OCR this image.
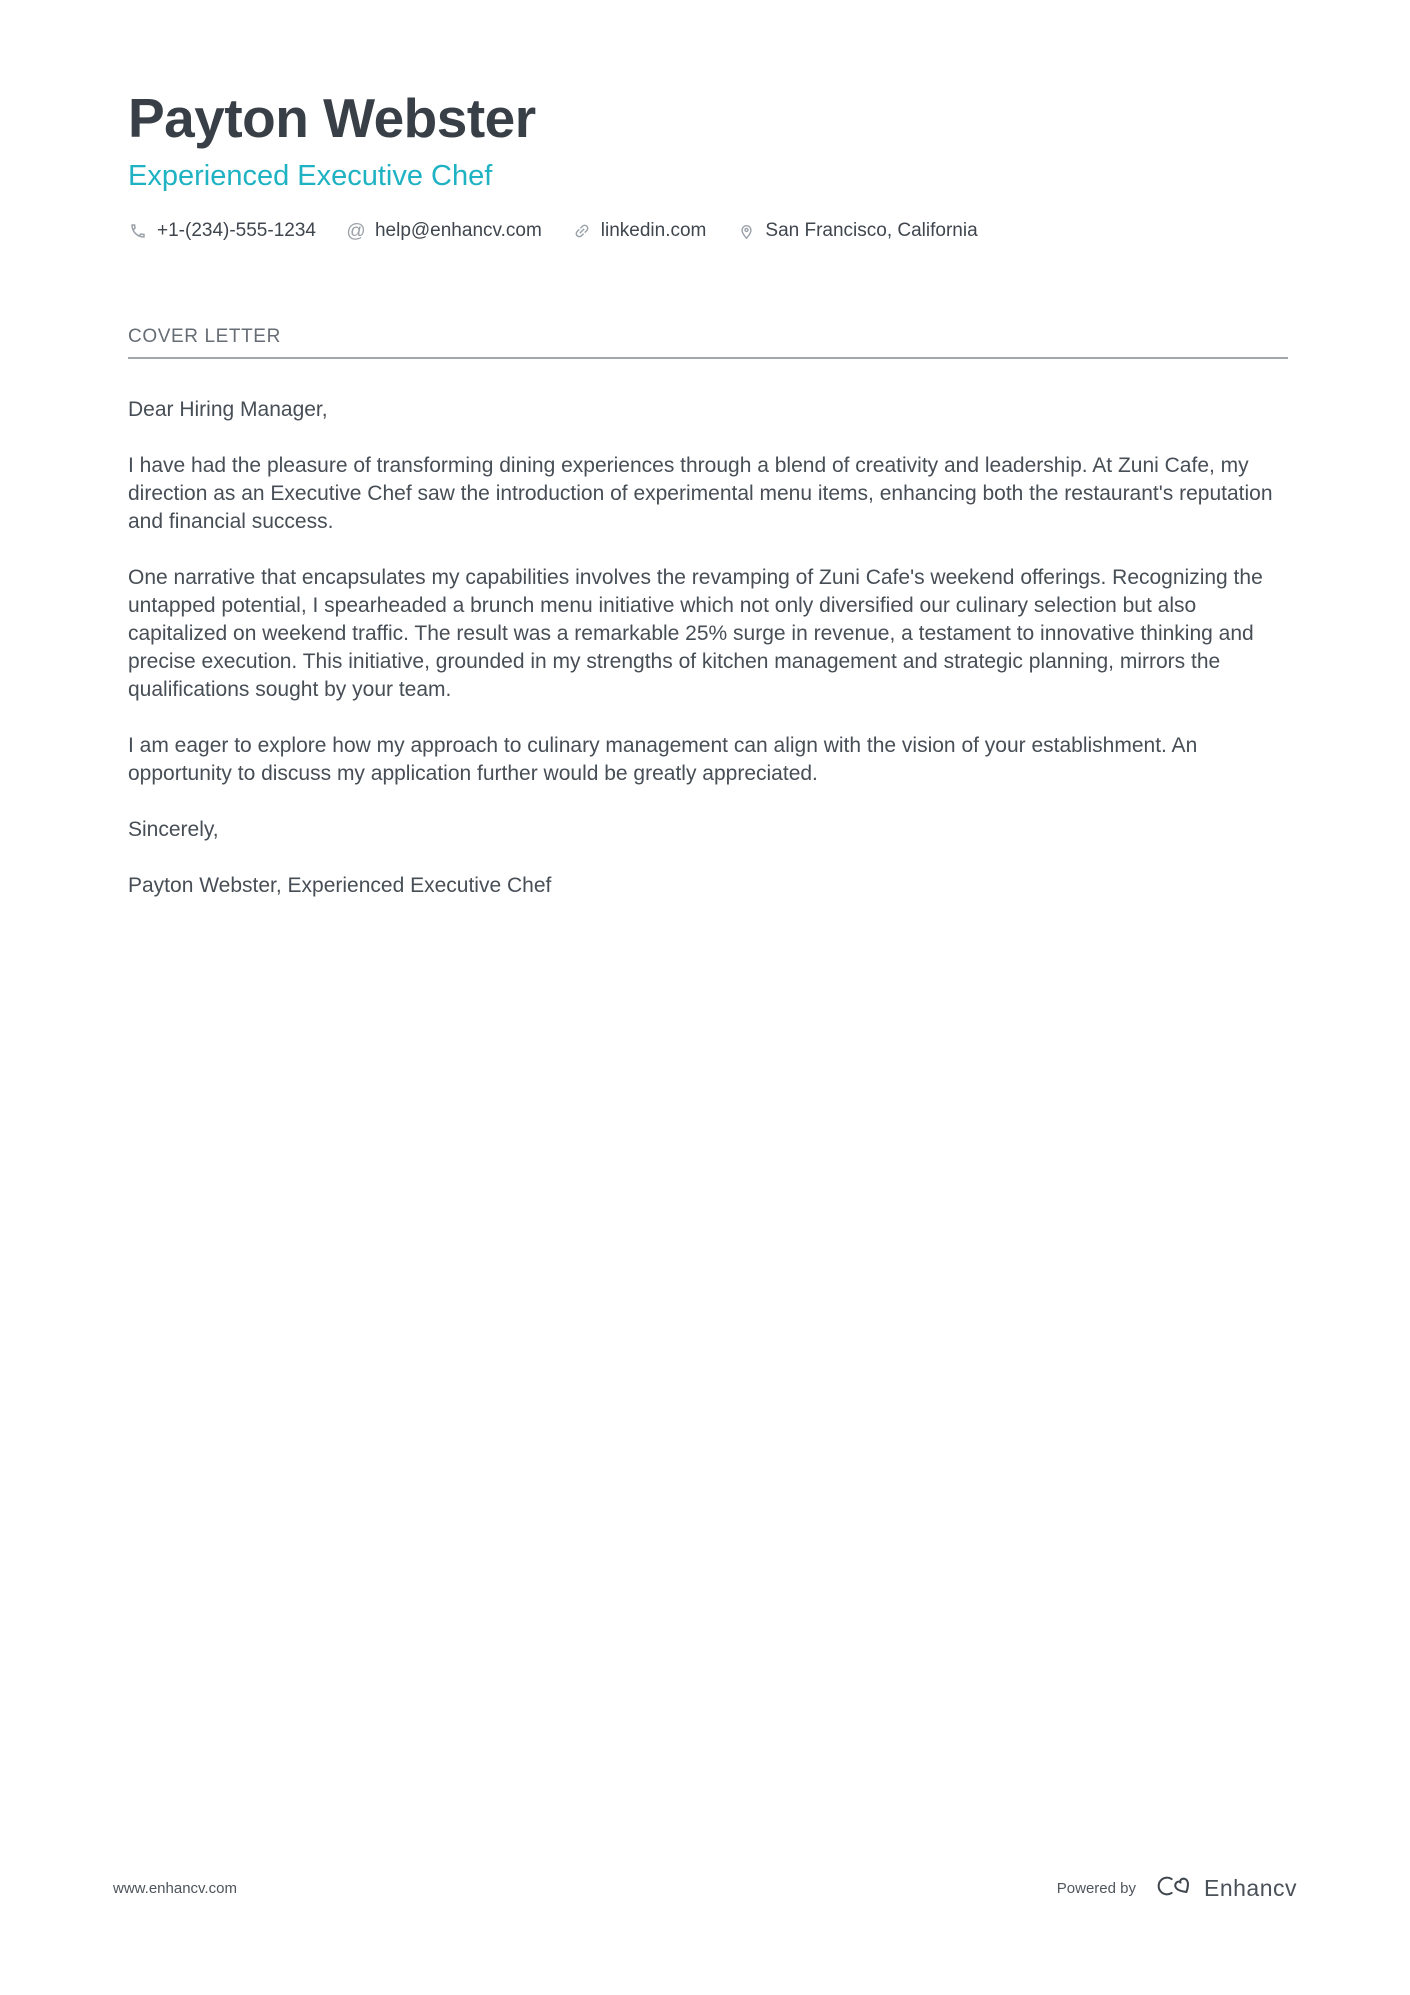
Payton Webster
Experienced Executive Chef
+1-(234)-555-1234 @ help@enhancv.com	linkedin.com	San Francisco, California
COVER LETTER

Dear Hiring Manager,

I have had the pleasure of transforming dining experiences through a blend of creativity and leadership. At Zuni Cafe, my direction as an Executive Chef saw the introduction of experimental menu items, enhancing both the restaurant's reputation and financial success.

One narrative that encapsulates my capabilities involves the revamping of Zuni Cafe's weekend offerings. Recognizing the untapped potential, I spearheaded a brunch menu initiative which not only diversified our culinary selection but also capitalized on weekend traffic. The result was a remarkable 25% surge in revenue, a testament to innovative thinking and precise execution. This initiative, grounded in my strengths of kitchen management and strategic planning, mirrors the qualifications sought by your team.

I am eager to explore how my approach to culinary management can align with the vision of your establishment. An opportunity to discuss my application further would be greatly appreciated.

Sincerely,

Payton Webster, Experienced Executive Chef

www.enhancv.com	Powered by	Enhancv
